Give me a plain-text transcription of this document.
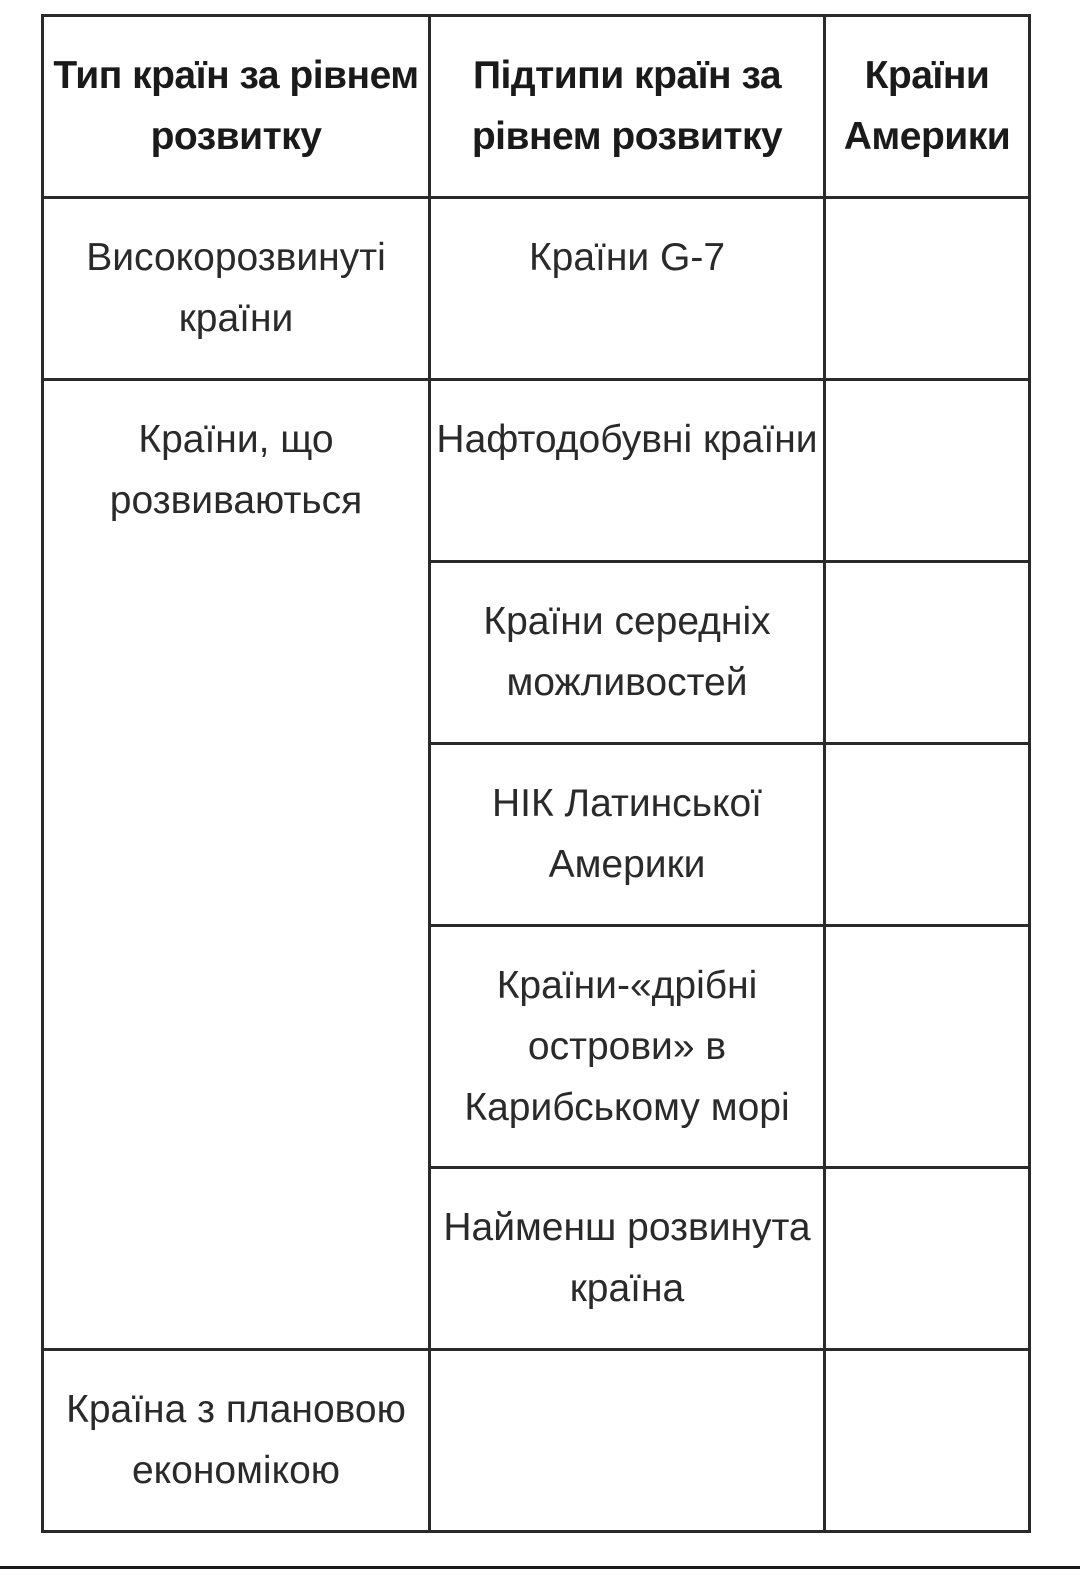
Тип країн за рівнем розвитку	Підтипи країн за рівнем розвитку	Країни Америки
Високорозвинуті країни	Країни G-7	
Країни, що розвиваються	Нафтодобувні країни	
	Країни середніх можливостей	
	НІК Латинської Америки	
	Країни-«дрібні острови» в Карибському морі	
	Найменш розвинута країна	
Країна з плановою економікою		
